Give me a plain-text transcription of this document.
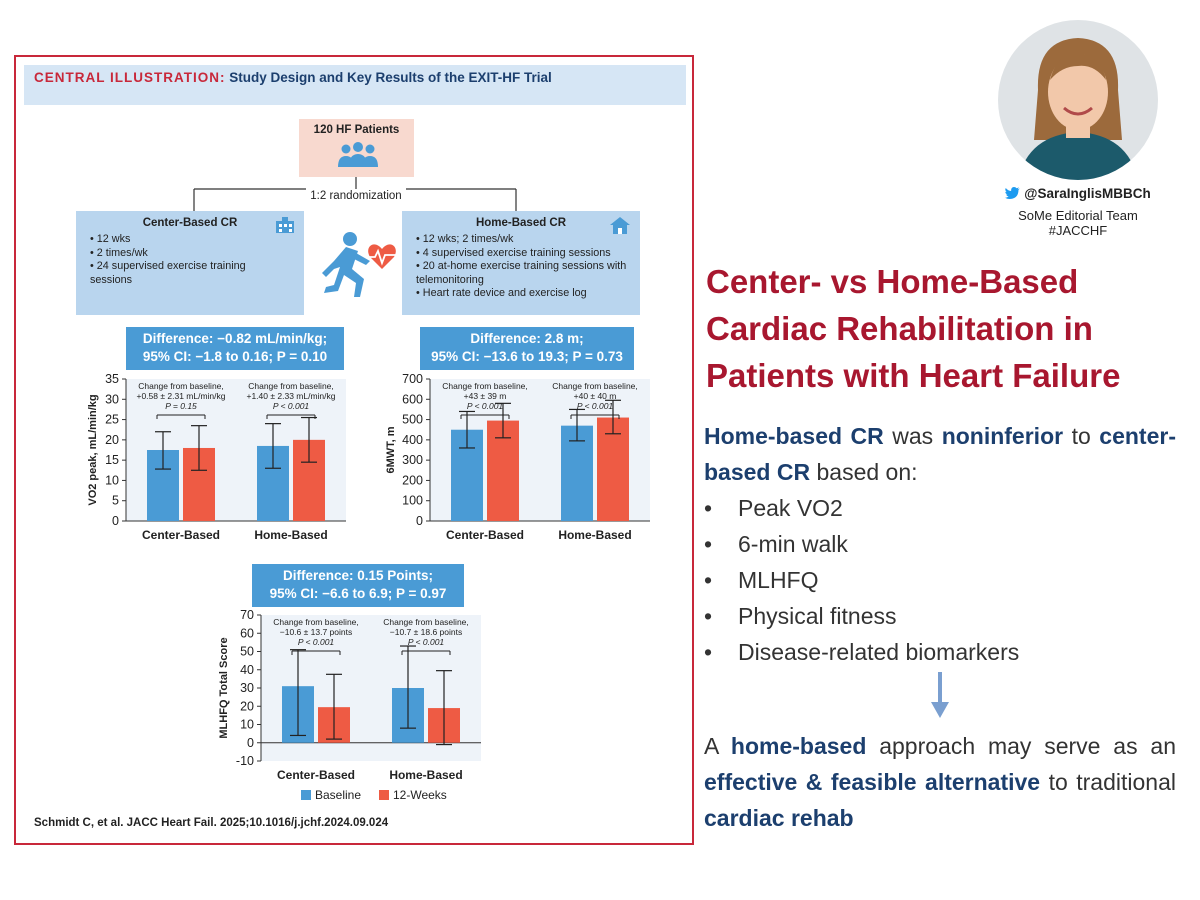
CENTRAL ILLUSTRATION: Study Design and Key Results of the EXIT-HF Trial
120 HF Patients
1:2 randomization
Center-Based CR
• 12 wks
• 2 times/wk
• 24 supervised exercise training sessions
Home-Based CR
• 12 wks; 2 times/wk
• 4 supervised exercise training sessions
• 20 at-home exercise training sessions with telemonitoring
• Heart rate device and exercise log
Difference: −0.82 mL/min/kg;
95% CI: −1.8 to 0.16; P = 0.10
Difference: 2.8 m;
95% CI: −13.6 to 19.3; P = 0.73
Difference: 0.15 Points;
95% CI: −6.6 to 6.9; P = 0.97
0
5
10
15
20
25
30
35
VO2 peak, mL/min/kg
Center-Based
Change from baseline,
+0.58 ± 2.31 mL/min/kg
P = 0.15
Home-Based
Change from baseline,
+1.40 ± 2.33 mL/min/kg
P < 0.001
0
100
200
300
400
500
600
700
6MWT, m
Center-Based
Change from baseline,
+43 ± 39 m
P < 0.001
Home-Based
Change from baseline,
+40 ± 40 m
P < 0.001
-10
0
10
20
30
40
50
60
70
MLHFQ Total Score
Center-Based
Change from baseline,
−10.6 ± 13.7 points
P < 0.001
Home-Based
Change from baseline,
−10.7 ± 18.6 points
P < 0.001
Baseline	12-Weeks
Schmidt C, et al. JACC Heart Fail. 2025;10.1016/j.jchf.2024.09.024
@SaraInglisMBBCh
SoMe Editorial Team
#JACCHF
Center- vs Home-Based Cardiac Rehabilitation in Patients with Heart Failure
Home-based CR was noninferior to center-based CR based on:
• Peak VO2
• 6-min walk
• MLHFQ
• Physical fitness
• Disease-related biomarkers
A home-based approach may serve as an effective & feasible alternative to traditional cardiac rehab
